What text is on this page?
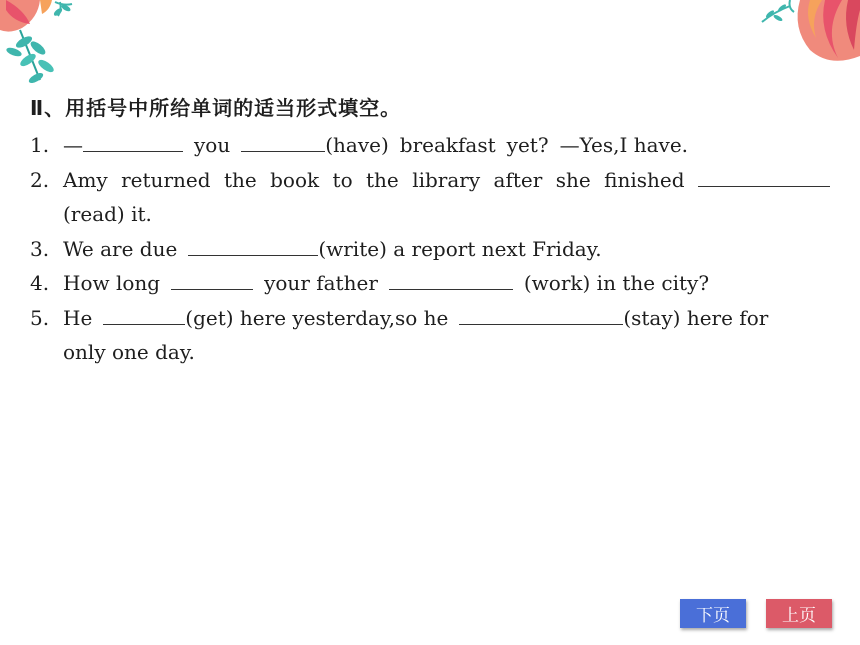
Ⅱ、用括号中所给单词的适当形式填空。
1. —	you	(have) breakfast yet? —Yes,I have.
2. Amy returned the book to the library after she finished
(read) it.
3. We are due	(write) a report next Friday.
4. How long	your father	(work) in the city?
5. He	(get) here yesterday,so he	(stay) here for
only one day.
下页	上页
